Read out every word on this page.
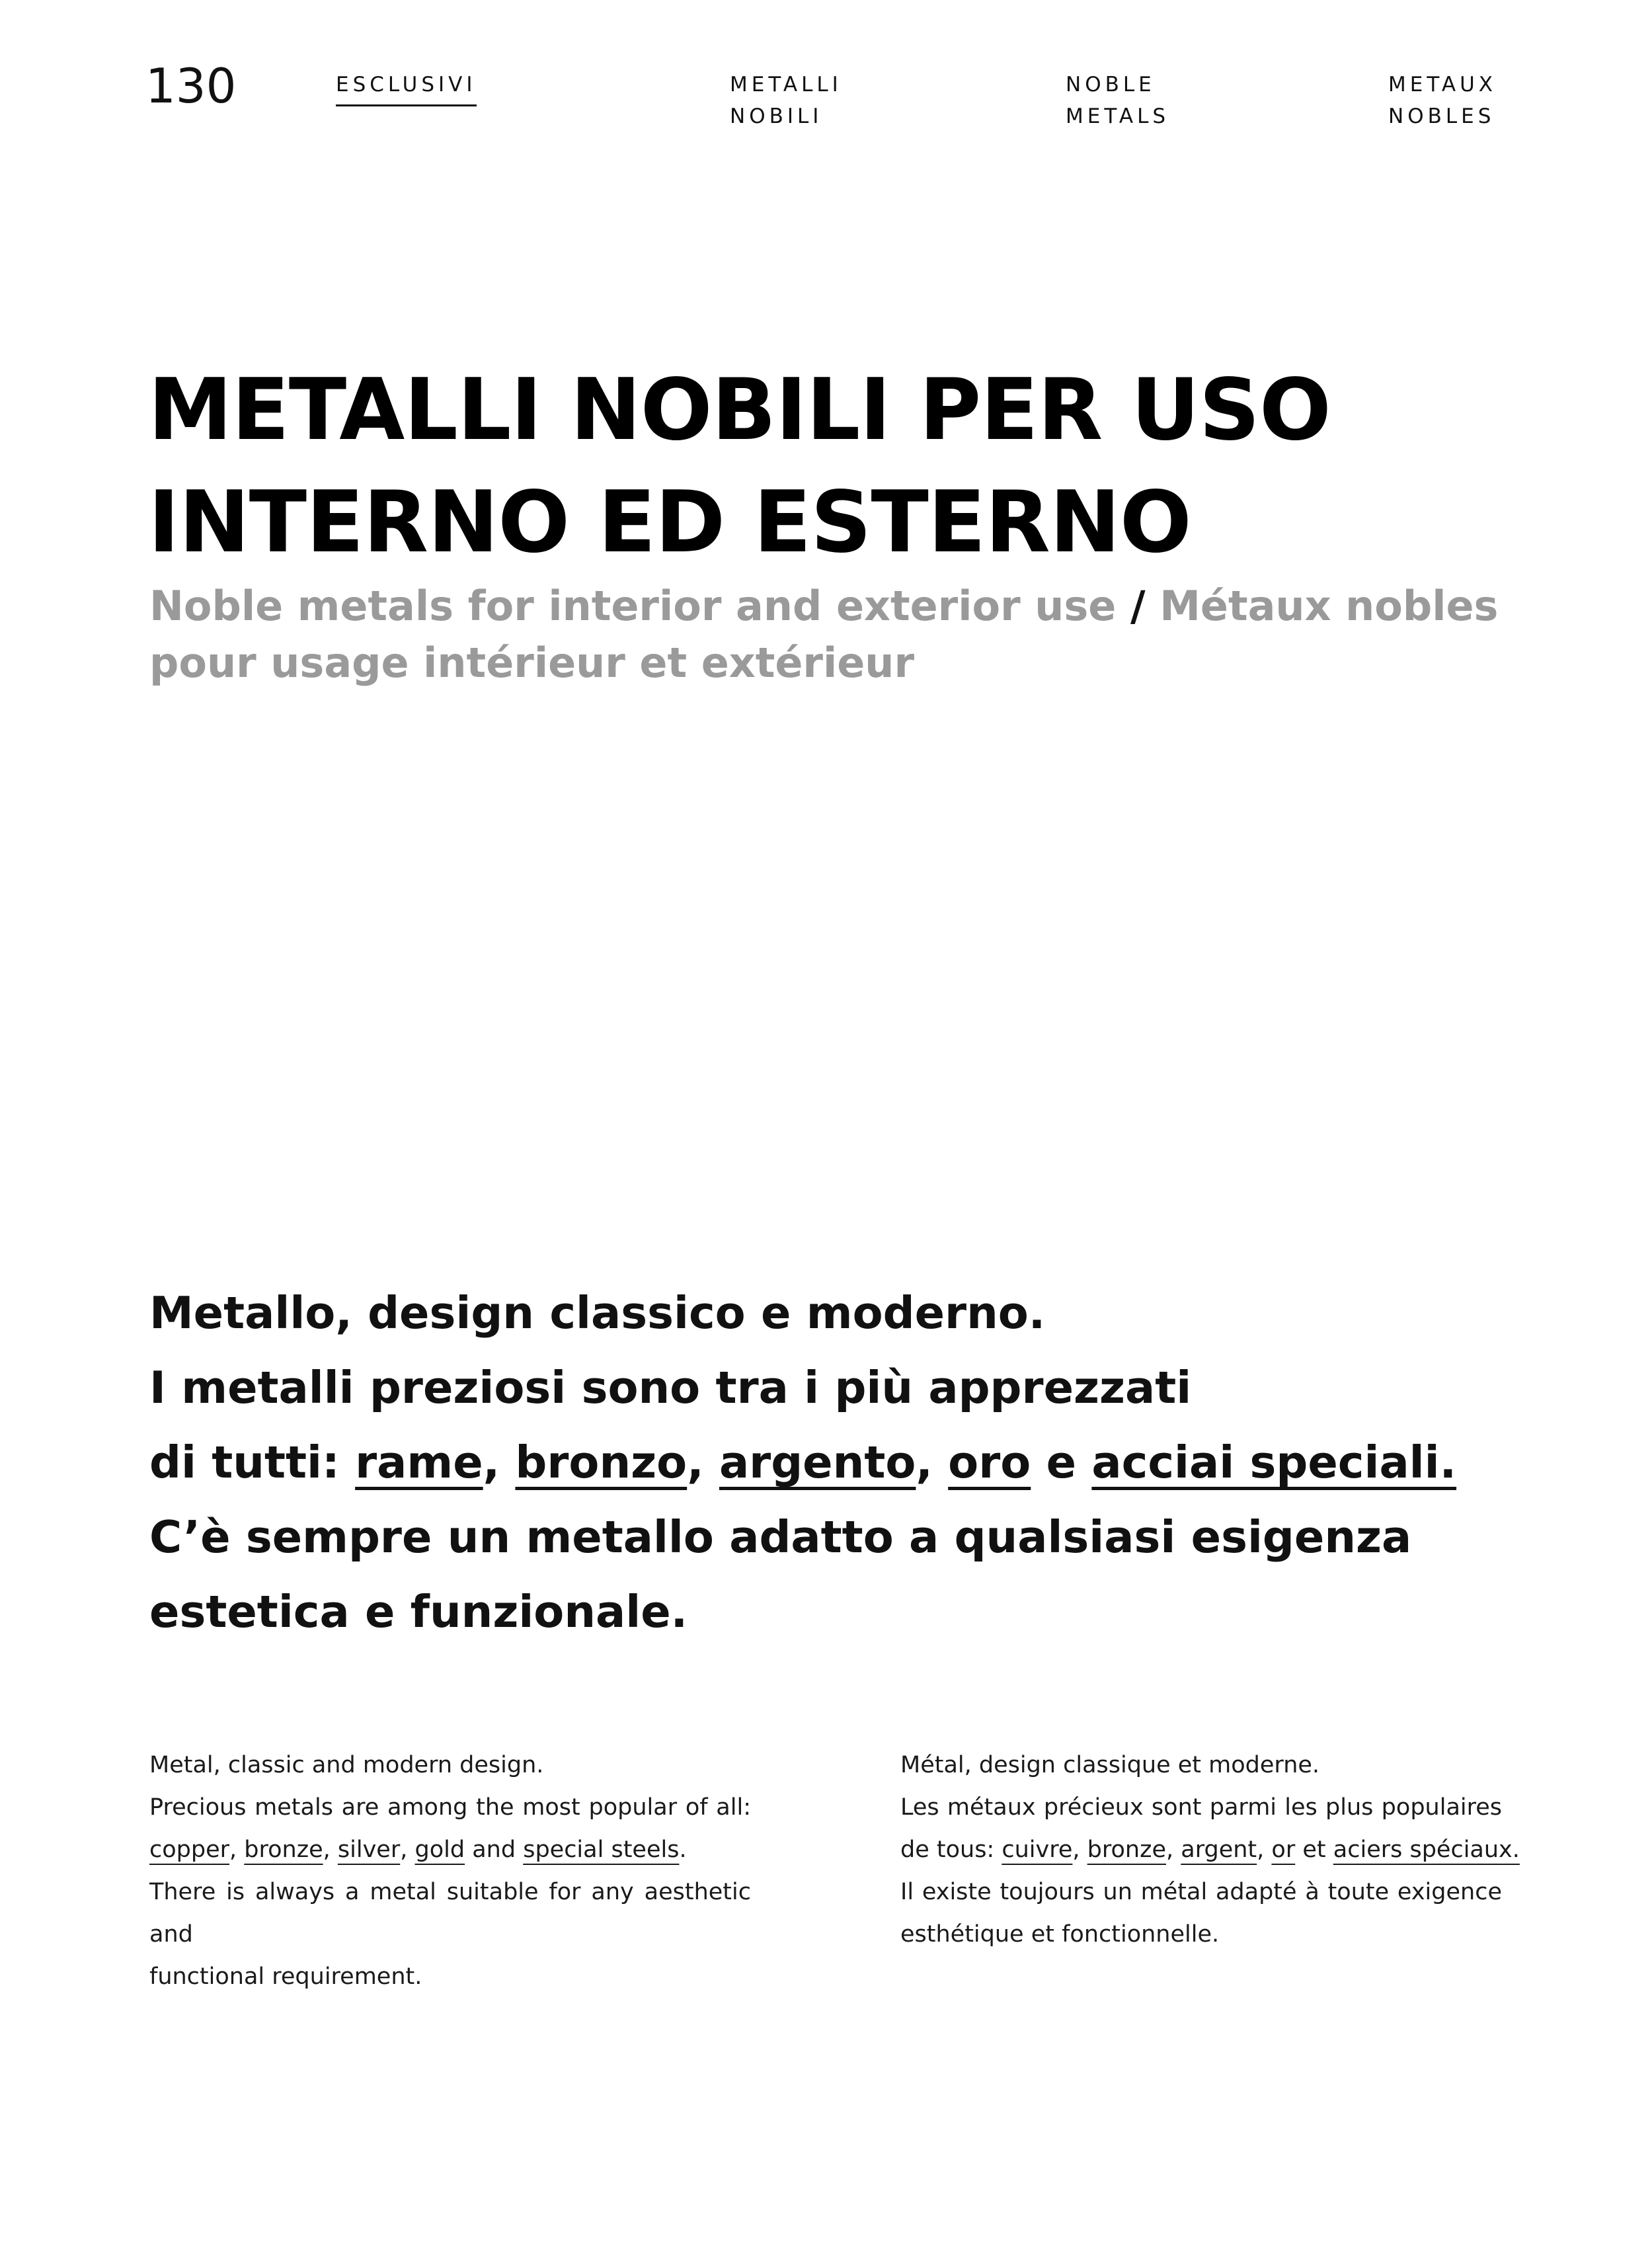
130	ESCLUSIVI	METALLI
NOBILI
NOBLE
METALS
METAUX
NOBLES
METALLI NOBILI PER USO
INTERNO ED ESTERNO

Noble metals for interior and exterior use / Métaux nobles pour usage intérieur et extérieur

Metallo, design classico e moderno.
I metalli preziosi sono tra i più apprezzati
di tutti: rame, bronzo, argento, oro e acciai speciali.
C’è sempre un metallo adatto a qualsiasi esigenza
estetica e funzionale.

Metal, classic and modern design.
Precious metals are among the most popular of all:
copper, bronze, silver, gold and special steels.
There is always a metal suitable for any aesthetic and
functional requirement.
Métal, design classique et moderne.
Les métaux précieux sont parmi les plus populaires
de tous: cuivre, bronze, argent, or et aciers spéciaux.
Il existe toujours un métal adapté à toute exigence
esthétique et fonctionnelle.
